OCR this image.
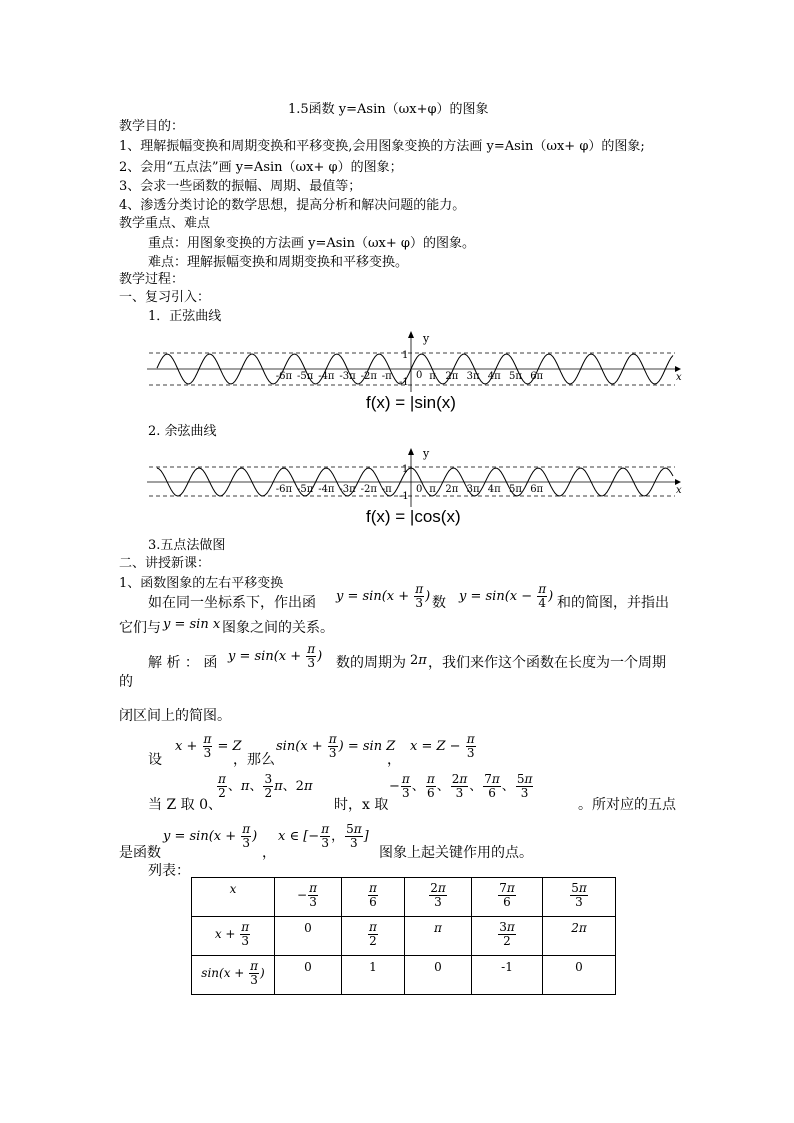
1.5函数 y=Asin（ωx+φ）的图象
教学目的：
1、理解振幅变换和周期变换和平移变换,会用图象变换的方法画 y=Asin（ωx+ φ）的图象;
2、会用“五点法”画 y=Asin（ωx+ φ）的图象；
3、会求一些函数的振幅、周期、最值等；
4、渗透分类讨论的数学思想，提高分析和解决问题的能力。
教学重点、难点
重点：用图象变换的方法画 y=Asin（ωx+ φ）的图象。
难点：理解振幅变换和周期变换和平移变换。
教学过程：
一、复习引入：
1．正弦曲线
y
x
1
-1
0
-6π -5π -4π -3π -2π -π	π 2π 3π 4π 5π 6π
f(x) = |sin(x)
2. 余弦曲线
y
x
1
-1
0
-6π -5π -4π -3π -2π -π	π 2π 3π 4π 5π 6π
f(x) = |cos(x)
3.五点法做图
二、讲授新课：
1、函数图象的左右平移变换
如在同一坐标系下，作出函 $y = \sin(x + \frac{\pi}{3}$ ) 数 $y = \sin(x - \frac{\pi}{4}$ ) 和的简图，并指出
它们与 y = sin x 图象之间的关系。
解 析 ： 函 $y = \sin(x + \frac{\pi}{3}$ ) 数的周期为 2π ，我们来作这个函数在长度为一个周期
的
闭区间上的简图。
设
$x + \frac{\pi}{3} = Z$
，那么
$\sin(x + \frac{\pi}{3}$ ) = sin Z
，
$x = Z - \frac{\pi}{3}$
当 Z 取 0、
$\frac{\pi}{2}$ 、π、 $\frac{3}{2}$ π、2π
时，x 取
− $\frac{\pi}{3}$ 、 $\frac{\pi}{6}$ 、 $\frac{2\pi}{3}$ 、 $\frac{7\pi}{6}$ 、 $\frac{5\pi}{3}$
。所对应的五点
是函数
$y = \sin(x + \frac{\pi}{3}$ )
，
x ∈ [− $\frac{\pi}{3}$ ， $\frac{5\pi}{3}$ ]
图象上起关键作用的点。
列表：
x	− $\frac{\pi}{3}$	$\frac{\pi}{6}$	$\frac{2\pi}{3}$	$\frac{7\pi}{6}$	$\frac{5\pi}{3}$

$x + \frac{\pi}{3}$	0	$\frac{\pi}{2}$	π	$\frac{3\pi}{2}$	2π
$\sin(x + \frac{\pi}{3}$ )	0	1	0	-1	0
